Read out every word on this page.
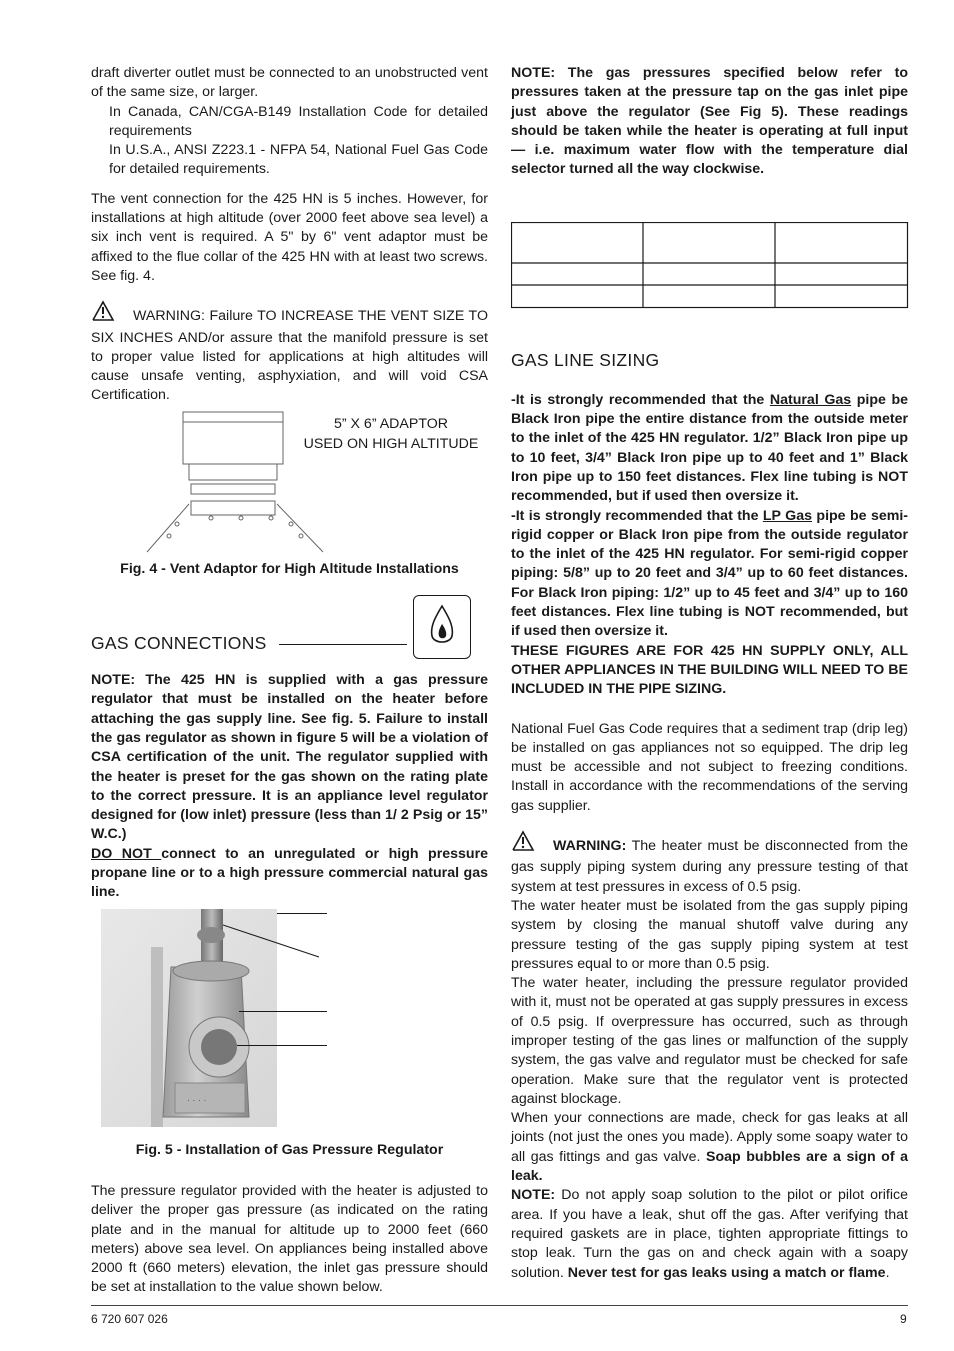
draft diverter outlet must be connected to an unobstructed vent of the same size, or larger.

In Canada, CAN/CGA-B149 Installation Code for detailed requirements

In U.S.A., ANSI Z223.1 - NFPA 54, National Fuel Gas Code for detailed requirements.

The vent connection for the 425 HN is 5 inches. However, for installations at high altitude (over 2000 feet above sea level) a six inch vent is required. A 5" by 6" vent adaptor must be affixed to the flue collar of the 425 HN with at least two screws. See fig. 4.

WARNING: Failure TO INCREASE THE VENT SIZE TO SIX INCHES AND/or assure that the manifold pressure is set to proper value listed for applications at high altitudes will cause unsafe venting, asphyxiation, and will void CSA Certification.

5” X 6” ADAPTOR
USED ON HIGH ALTITUDE

Fig. 4 - Vent Adaptor for High Altitude Installations

GAS CONNECTIONS

NOTE: The 425 HN is supplied with a gas pressure regulator that must be installed on the heater before attaching the gas supply line. See fig. 5. Failure to install the gas regulator as shown in figure 5 will be a violation of CSA certification of the unit. The regulator supplied with the heater is preset for the gas shown on the rating plate to the correct pressure. It is an appliance level regulator designed for (low inlet) pressure (less than 1/ 2 Psig or 15” W.C.)

DO NOT connect to an unregulated or high pressure propane line or to a high pressure commercial natural gas line.

· · · ·

Fig. 5 - Installation of Gas Pressure Regulator

The pressure regulator provided with the heater is adjusted to deliver the proper gas pressure (as indicated on the rating plate and in the manual for altitude up to 2000 feet (660 meters) above sea level. On appliances being installed above 2000 ft (660 meters) elevation, the inlet gas pressure should be set at installation to the value shown below.

NOTE: The gas pressures specified below refer to pressures taken at the pressure tap on the gas inlet pipe just above the regulator (See Fig 5). These readings should be taken while the heater is operating at full input — i.e. maximum water flow with the temperature dial selector turned all the way clockwise.

GAS LINE SIZING

-It is strongly recommended that the Natural Gas pipe be Black Iron pipe the entire distance from the outside meter to the inlet of the 425 HN regulator. 1/2” Black Iron pipe up to 10 feet, 3/4” Black Iron pipe up to 40 feet and 1” Black Iron pipe up to 150 feet distances. Flex line tubing is NOT recommended, but if used then oversize it.

-It is strongly recommended that the LP Gas pipe be semi-rigid copper or Black Iron pipe from the outside regulator to the inlet of the 425 HN regulator. For semi-rigid copper piping: 5/8” up to 20 feet and 3/4” up to 60 feet distances. For Black Iron piping: 1/2” up to 45 feet and 3/4” up to 160 feet distances. Flex line tubing is NOT recommended, but if used then oversize it.

THESE FIGURES ARE FOR 425 HN SUPPLY ONLY, ALL OTHER APPLIANCES IN THE BUILDING WILL NEED TO BE INCLUDED IN THE PIPE SIZING.

National Fuel Gas Code requires that a sediment trap (drip leg) be installed on gas appliances not so equipped. The drip leg must be accessible and not subject to freezing conditions. Install in accordance with the recommendations of the serving gas supplier.

WARNING: The heater must be disconnected from the gas supply piping system during any pressure testing of that system at test pressures in excess of 0.5 psig.

The water heater must be isolated from the gas supply piping system by closing the manual shutoff valve during any pressure testing of the gas supply piping system at test pressures equal to or more than 0.5 psig.

The water heater, including the pressure regulator provided with it, must not be operated at gas supply pressures in excess of 0.5 psig. If overpressure has occurred, such as through improper testing of the gas lines or malfunction of the supply system, the gas valve and regulator must be checked for safe operation. Make sure that the regulator vent is protected against blockage.

When your connections are made, check for gas leaks at all joints (not just the ones you made). Apply some soapy water to all gas fittings and gas valve. Soap bubbles are a sign of a leak.

NOTE: Do not apply soap solution to the pilot or pilot orifice area. If you have a leak, shut off the gas. After verifying that required gaskets are in place, tighten appropriate fittings to stop leak. Turn the gas on and check again with a soapy solution. Never test for gas leaks using a match or flame.

6 720 607 026	9
